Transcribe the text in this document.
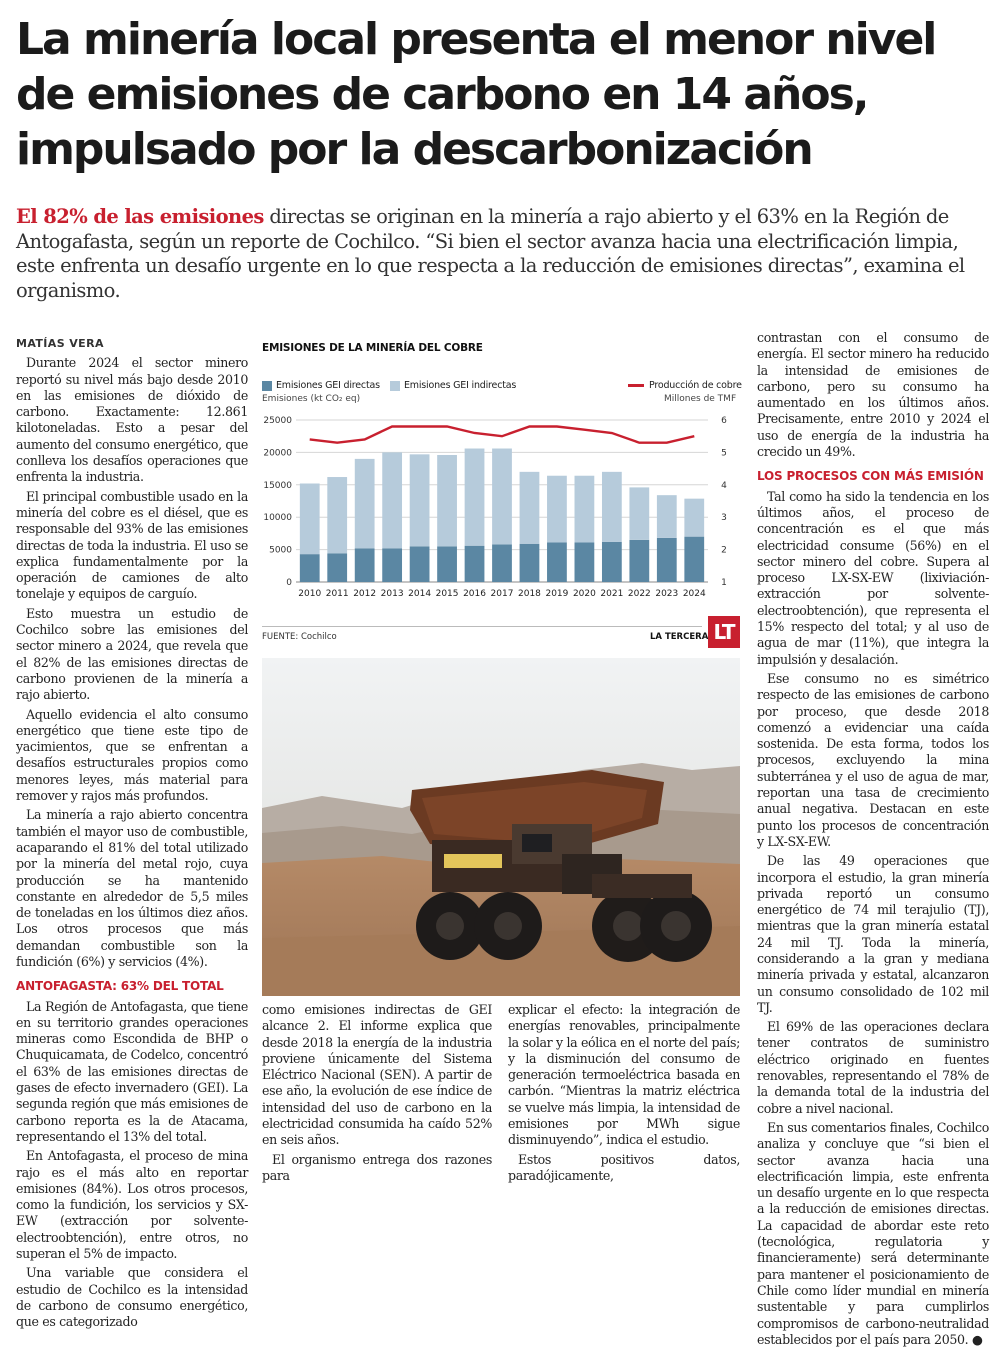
La minería local presenta el menor nivel de emisiones de carbono en 14 años, impulsado por la descarbonización

El 82% de las emisiones directas se originan en la minería a rajo abierto y el 63% en la Región de Antogafasta, según un reporte de Cochilco. “Si bien el sector avanza hacia una electrificación limpia, este enfrenta un desafío urgente en lo que respecta a la reducción de emisiones directas”, examina el organismo.

MATÍAS VERA

Durante 2024 el sector minero reportó su nivel más bajo desde 2010 en las emisiones de dióxido de carbono. Exactamente: 12.861 kilotoneladas. Esto a pesar del aumento del consumo energético, que conlleva los desafíos operaciones que enfrenta la industria.

El principal combustible usado en la minería del cobre es el diésel, que es responsable del 93% de las emisiones directas de toda la industria. El uso se explica fundamentalmente por la operación de camiones de alto tonelaje y equipos de carguío.

Esto muestra un estudio de Cochilco sobre las emisiones del sector minero a 2024, que revela que el 82% de las emisiones directas de carbono provienen de la minería a rajo abierto.

Aquello evidencia el alto consumo energético que tiene este tipo de yacimientos, que se enfrentan a desafíos estructurales propios como menores leyes, más material para remover y rajos más profundos.

La minería a rajo abierto concentra también el mayor uso de combustible, acaparando el 81% del total utilizado por la minería del metal rojo, cuya producción se ha mantenido constante en alrededor de 5,5 miles de toneladas en los últimos diez años. Los otros procesos que más demandan combustible son la fundición (6%) y servicios (4%).

ANTOFAGASTA: 63% DEL TOTAL

La Región de Antofagasta, que tiene en su territorio grandes operaciones mineras como Escondida de BHP o Chuquicamata, de Codelco, concentró el 63% de las emisiones directas de gases de efecto invernadero (GEI). La segunda región que más emisiones de carbono reporta es la de Atacama, representando el 13% del total.

En Antofagasta, el proceso de mina rajo es el más alto en reportar emisiones (84%). Los otros procesos, como la fundición, los servicios y SX-EW (extracción por solvente-electroobtención), entre otros, no superan el 5% de impacto.

Una variable que considera el estudio de Cochilco es la intensidad de carbono de consumo energético, que es categorizado

EMISIONES DE LA MINERÍA DEL COBRE
Emisiones GEI directas	Emisiones GEI indirectas	Producción de cobre
Emisiones (kt CO₂ eq)	Millones de TMF
0
5000
10000
15000
20000
25000
1
2
3
4
5
6
2010 2011 2012 2013 2014 2015 2016 2017 2018 2019 2020 2021 2022 2023 2024
FUENTE: Cochilco	LA TERCERA LT

como emisiones indirectas de GEI alcance 2. El informe explica que desde 2018 la energía de la industria proviene únicamente del Sistema Eléctrico Nacional (SEN). A partir de ese año, la evolución de ese índice de intensidad del uso de carbono en la electricidad consumida ha caído 52% en seis años.

El organismo entrega dos razones para

explicar el efecto: la integración de energías renovables, principalmente la solar y la eólica en el norte del país; y la disminución del consumo de generación termoeléctrica basada en carbón. “Mientras la matriz eléctrica se vuelve más limpia, la intensidad de emisiones por MWh sigue disminuyendo”, indica el estudio.

Estos positivos datos, paradójicamente,

contrastan con el consumo de energía. El sector minero ha reducido la intensidad de emisiones de carbono, pero su consumo ha aumentado en los últimos años. Precisamente, entre 2010 y 2024 el uso de energía de la industria ha crecido un 49%.

LOS PROCESOS CON MÁS EMISIÓN

Tal como ha sido la tendencia en los últimos años, el proceso de concentración es el que más electricidad consume (56%) en el sector minero del cobre. Supera al proceso LX-SX-EW (lixiviación-extracción por solvente-electroobtención), que representa el 15% respecto del total; y al uso de agua de mar (11%), que integra la impulsión y desalación.

Ese consumo no es simétrico respecto de las emisiones de carbono por proceso, que desde 2018 comenzó a evidenciar una caída sostenida. De esta forma, todos los procesos, excluyendo la mina subterránea y el uso de agua de mar, reportan una tasa de crecimiento anual negativa. Destacan en este punto los procesos de concentración y LX-SX-EW.

De las 49 operaciones que incorpora el estudio, la gran minería privada reportó un consumo energético de 74 mil terajulio (TJ), mientras que la gran minería estatal 24 mil TJ. Toda la minería, considerando a la gran y mediana minería privada y estatal, alcanzaron un consumo consolidado de 102 mil TJ.

El 69% de las operaciones declara tener contratos de suministro eléctrico originado en fuentes renovables, representando el 78% de la demanda total de la industria del cobre a nivel nacional.

En sus comentarios finales, Cochilco analiza y concluye que “si bien el sector avanza hacia una electrificación limpia, este enfrenta un desafío urgente en lo que respecta a la reducción de emisiones directas. La capacidad de abordar este reto (tecnológica, regulatoria y financieramente) será determinante para mantener el posicionamiento de Chile como líder mundial en minería sustentable y para cumplirlos compromisos de carbono-neutralidad establecidos por el país para 2050. ●
